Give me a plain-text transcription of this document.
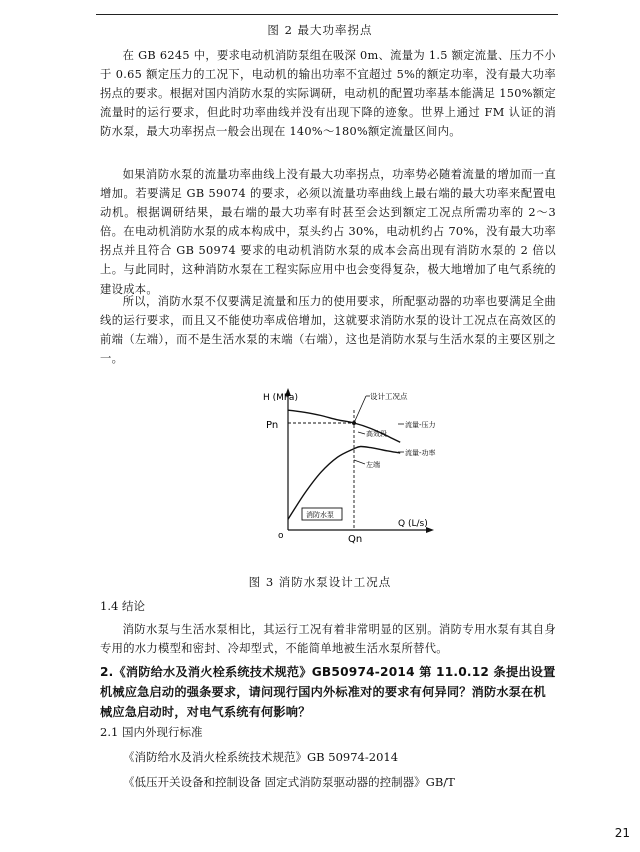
图 2 最大功率拐点

在 GB 6245 中，要求电动机消防泵组在吸深 0m、流量为 1.5 额定流量、压力不小于 0.65 额定压力的工况下，电动机的输出功率不宜超过 5%的额定功率，没有最大功率拐点的要求。根据对国内消防水泵的实际调研，电动机的配置功率基本能满足 150%额定流量时的运行要求，但此时功率曲线并没有出现下降的迹象。世界上通过 FM 认证的消防水泵，最大功率拐点一般会出现在 140%～180%额定流量区间内。

如果消防水泵的流量功率曲线上没有最大功率拐点，功率势必随着流量的增加而一直增加。若要满足 GB 59074 的要求，必须以流量功率曲线上最右端的最大功率来配置电动机。根据调研结果，最右端的最大功率有时甚至会达到额定工况点所需功率的 2～3 倍。在电动机消防水泵的成本构成中，泵头约占 30%，电动机约占 70%，没有最大功率拐点并且符合 GB 50974 要求的电动机消防水泵的成本会高出现有消防水泵的 2 倍以上。与此同时，这种消防水泵在工程实际应用中也会变得复杂，极大地增加了电气系统的建设成本。

所以，消防水泵不仅要满足流量和压力的使用要求，所配驱动器的功率也要满足全曲线的运行要求，而且又不能使功率成倍增加，这就要求消防水泵的设计工况点在高效区的前端（左端），而不是生活水泵的末端（右端），这也是消防水泵与生活水泵的主要区别之一。

H (MPa)
Q (L/s)
Pn
Qn
o
设计工况点
流量-压力
流量-功率
高效段
左端
消防水泵
图 3 消防水泵设计工况点

1.4 结论

消防水泵与生活水泵相比，其运行工况有着非常明显的区别。消防专用水泵有其自身专用的水力模型和密封、冷却型式，不能简单地被生活水泵所替代。

2.《消防给水及消火栓系统技术规范》GB50974-2014 第 11.0.12 条提出设置机械应急启动的强条要求，请问现行国内外标准对的要求有何异同？消防水泵在机械应急启动时，对电气系统有何影响？

2.1 国内外现行标准

《消防给水及消火栓系统技术规范》GB 50974-2014

《低压开关设备和控制设备 固定式消防泵驱动器的控制器》GB/T

21
